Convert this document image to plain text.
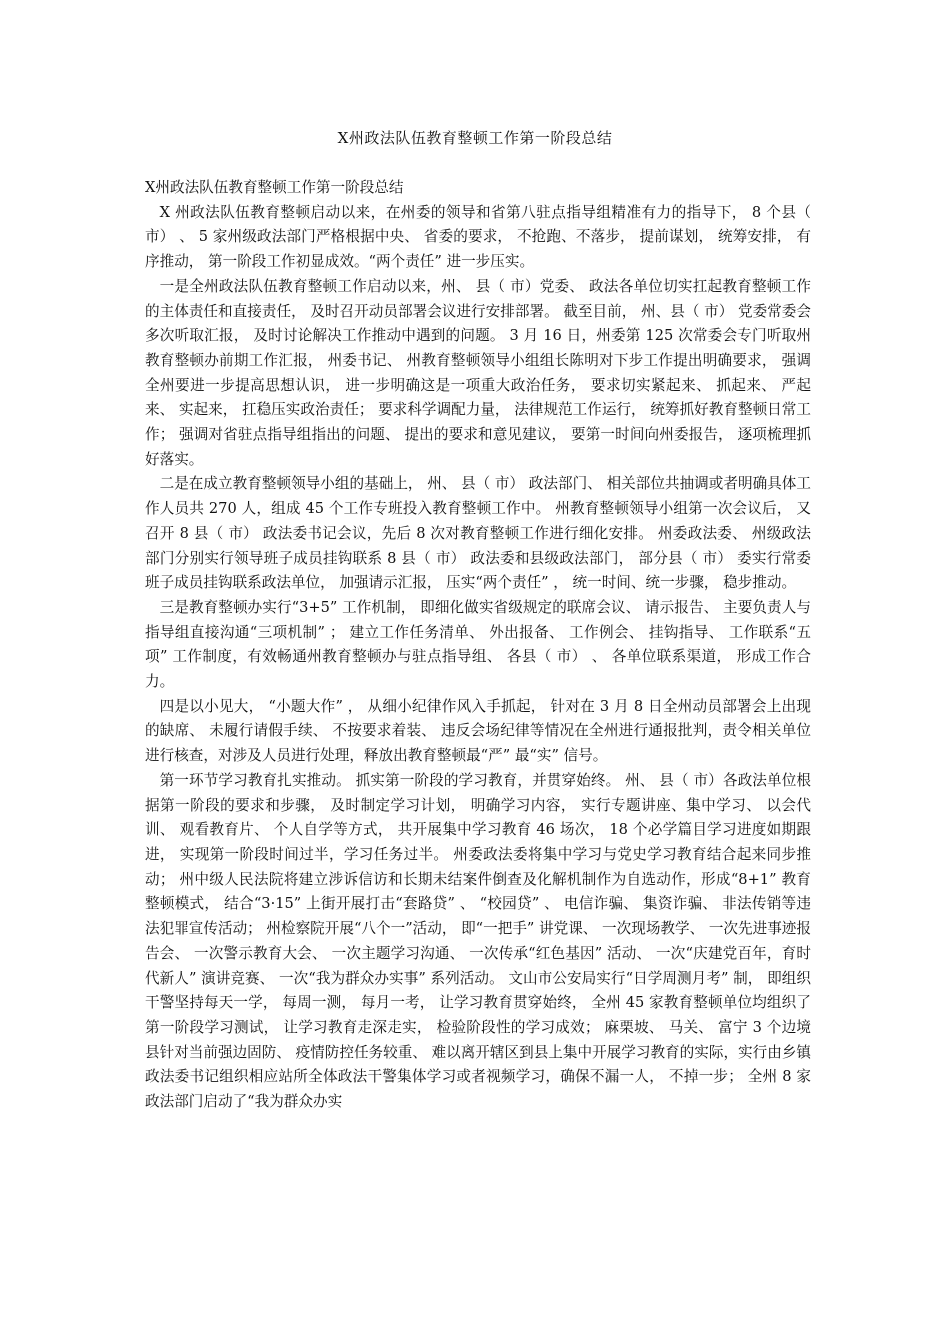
X州政法队伍教育整顿工作第一阶段总结

X州政法队伍教育整顿工作第一阶段总结

X 州政法队伍教育整顿启动以来，在州委的领导和省第八驻点指导组精准有力的指导下， 8 个县（ 市） 、 5 家州级政法部门严格根据中央、 省委的要求， 不抢跑、不落步， 提前谋划， 统筹安排， 有序推动， 第一阶段工作初显成效。“两个责任” 进一步压实。

一是全州政法队伍教育整顿工作启动以来，州、 县（ 市）党委、 政法各单位切实扛起教育整顿工作的主体责任和直接责任， 及时召开动员部署会议进行安排部署。 截至目前， 州、县（ 市） 党委常委会多次听取汇报， 及时讨论解决工作推动中遇到的问题。 3 月 16 日，州委第 125 次常委会专门听取州教育整顿办前期工作汇报， 州委书记、 州教育整顿领导小组组长陈明对下步工作提出明确要求， 强调全州要进一步提高思想认识， 进一步明确这是一项重大政治任务， 要求切实紧起来、 抓起来、 严起来、 实起来， 扛稳压实政治责任； 要求科学调配力量， 法律规范工作运行， 统筹抓好教育整顿日常工作； 强调对省驻点指导组指出的问题、 提出的要求和意见建议， 要第一时间向州委报告， 逐项梳理抓好落实。

二是在成立教育整顿领导小组的基础上， 州、 县（ 市） 政法部门、 相关部位共抽调或者明确具体工作人员共 270 人，组成 45 个工作专班投入教育整顿工作中。 州教育整顿领导小组第一次会议后， 又召开 8 县（ 市） 政法委书记会议，先后 8 次对教育整顿工作进行细化安排。 州委政法委、 州级政法部门分别实行领导班子成员挂钩联系 8 县（ 市） 政法委和县级政法部门， 部分县（ 市） 委实行常委班子成员挂钩联系政法单位， 加强请示汇报， 压实“两个责任” ， 统一时间、统一步骤， 稳步推动。

三是教育整顿办实行“3+5” 工作机制， 即细化做实省级规定的联席会议、 请示报告、 主要负责人与指导组直接沟通“三项机制” ； 建立工作任务清单、 外出报备、 工作例会、 挂钩指导、 工作联系“五项” 工作制度，有效畅通州教育整顿办与驻点指导组、 各县（ 市） 、 各单位联系渠道， 形成工作合力。

四是以小见大， “小题大作” ， 从细小纪律作风入手抓起， 针对在 3 月 8 日全州动员部署会上出现的缺席、 未履行请假手续、 不按要求着装、 违反会场纪律等情况在全州进行通报批判，责令相关单位进行核查，对涉及人员进行处理，释放出教育整顿最“严” 最“实” 信号。

第一环节学习教育扎实推动。 抓实第一阶段的学习教育，并贯穿始终。 州、 县（ 市）各政法单位根据第一阶段的要求和步骤， 及时制定学习计划， 明确学习内容， 实行专题讲座、集中学习、 以会代训、 观看教育片、 个人自学等方式， 共开展集中学习教育 46 场次， 18 个必学篇目学习进度如期跟进， 实现第一阶段时间过半，学习任务过半。 州委政法委将集中学习与党史学习教育结合起来同步推动； 州中级人民法院将建立涉诉信访和长期未结案件倒查及化解机制作为自选动作，形成“8+1” 教育整顿模式， 结合“3·15” 上街开展打击“套路贷” 、 “校园贷” 、 电信诈骗、 集资诈骗、 非法传销等违法犯罪宣传活动； 州检察院开展“八个一”活动， 即“一把手” 讲党课、 一次现场教学、 一次先进事迹报告会、 一次警示教育大会、 一次主题学习沟通、 一次传承“红色基因” 活动、 一次“庆建党百年，育时代新人” 演讲竞赛、 一次“我为群众办实事” 系列活动。 文山市公安局实行“日学周测月考” 制， 即组织干警坚持每天一学， 每周一测， 每月一考， 让学习教育贯穿始终， 全州 45 家教育整顿单位均组织了第一阶段学习测试， 让学习教育走深走实， 检验阶段性的学习成效； 麻栗坡、 马关、 富宁 3 个边境县针对当前强边固防、 疫情防控任务较重、 难以离开辖区到县上集中开展学习教育的实际，实行由乡镇政法委书记组织相应站所全体政法干警集体学习或者视频学习，确保不漏一人， 不掉一步； 全州 8 家政法部门启动了“我为群众办实
